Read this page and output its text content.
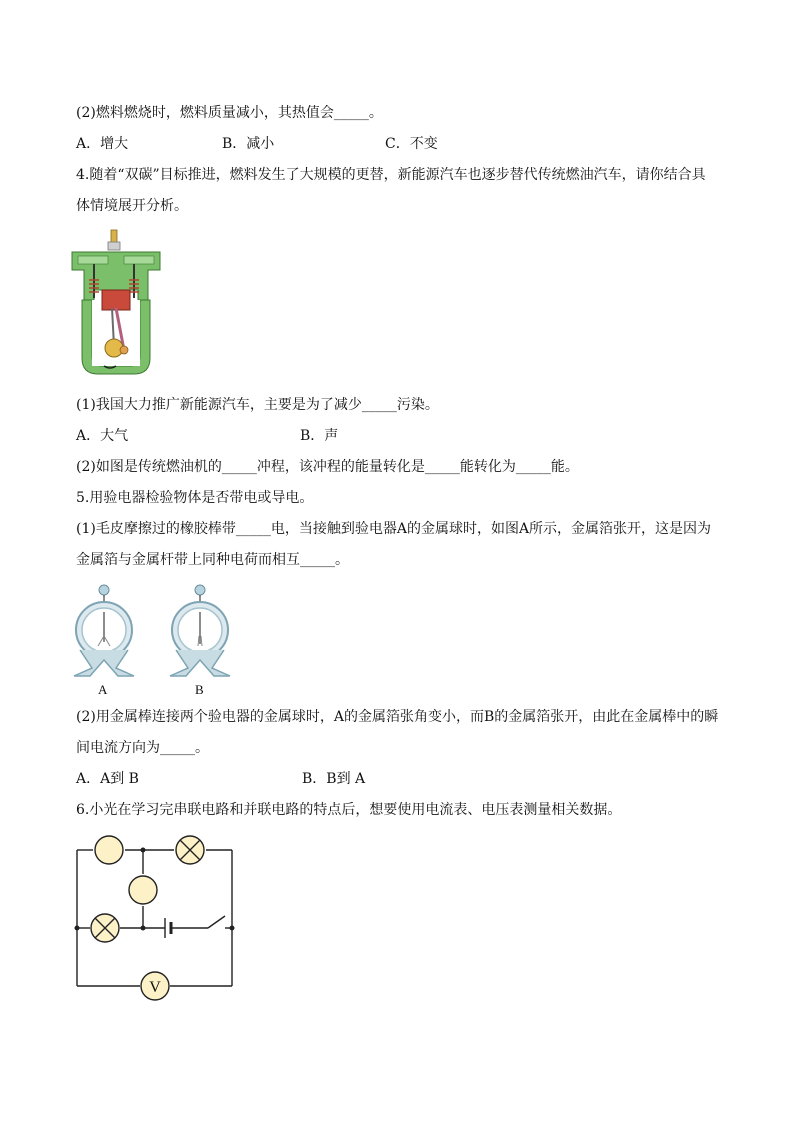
(2)燃料燃烧时，燃料质量减小，其热值会_____。
A．增大	B．减小	C．不变
4.随着“双碳”目标推进，燃料发生了大规模的更替，新能源汽车也逐步替代传统燃油汽车，请你结合具
体情境展开分析。
(1)我国大力推广新能源汽车，主要是为了减少_____污染。
A．大气	B．声
(2)如图是传统燃油机的_____冲程，该冲程的能量转化是_____能转化为_____能。
5.用验电器检验物体是否带电或导电。
(1)毛皮摩擦过的橡胶棒带_____电，当接触到验电器A的金属球时，如图A所示，金属箔张开，这是因为
金属箔与金属杆带上同种电荷而相互_____。
A	B
(2)用金属棒连接两个验电器的金属球时，A的金属箔张角变小，而B的金属箔张开，由此在金属棒中的瞬
间电流方向为_____。
A．A到 B	B．B到 A
6.小光在学习完串联电路和并联电路的特点后，想要使用电流表、电压表测量相关数据。
V
